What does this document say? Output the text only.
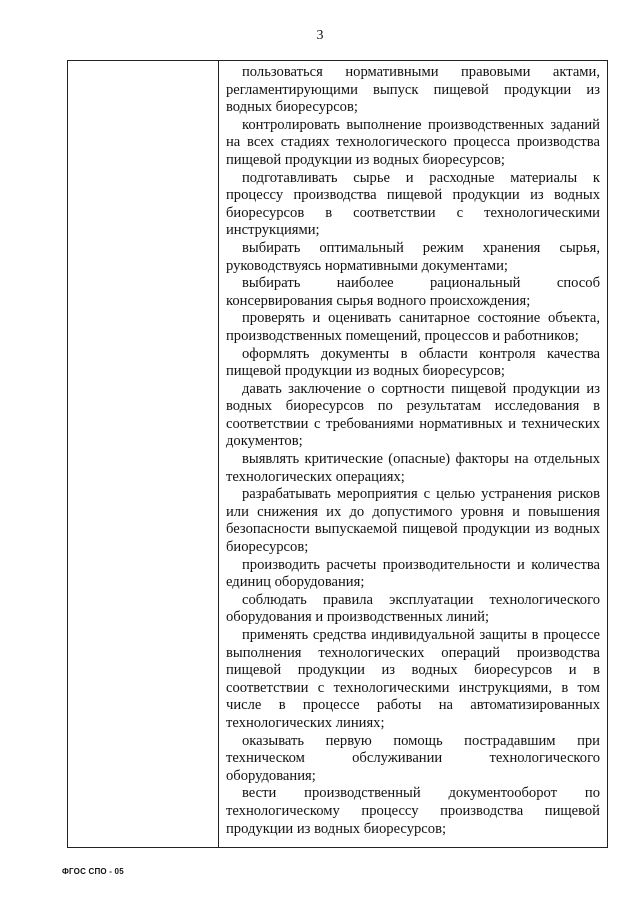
3

пользоваться нормативными правовыми актами, регламентирующими выпуск пищевой продукции из водных биоресурсов;

контролировать выполнение производственных заданий на всех стадиях технологического процесса производства пищевой продукции из водных биоресурсов;

подготавливать сырье и расходные материалы к процессу производства пищевой продукции из водных биоресурсов в соответствии с технологическими инструкциями;

выбирать оптимальный режим хранения сырья, руководствуясь нормативными документами;

выбирать наиболее рациональный способ консервирования сырья водного происхождения;

проверять и оценивать санитарное состояние объекта, производственных помещений, процессов и работников;

оформлять документы в области контроля качества пищевой продукции из водных биоресурсов;

давать заключение о сортности пищевой продукции из водных биоресурсов по результатам исследования в соответствии с требованиями нормативных и технических документов;

выявлять критические (опасные) факторы на отдельных технологических операциях;

разрабатывать мероприятия с целью устранения рисков или снижения их до допустимого уровня и повышения безопасности выпускаемой пищевой продукции из водных биоресурсов;

производить расчеты производительности и количества единиц оборудования;

соблюдать правила эксплуатации технологического оборудования и производственных линий;

применять средства индивидуальной защиты в процессе выполнения технологических операций производства пищевой продукции из водных биоресурсов и в соответствии с технологическими инструкциями, в том числе в процессе работы на автоматизированных технологических линиях;

оказывать первую помощь пострадавшим при техническом обслуживании технологического оборудования;

вести производственный документооборот по технологическому процессу производства пищевой продукции из водных биоресурсов;

ФГОС СПО - 05
